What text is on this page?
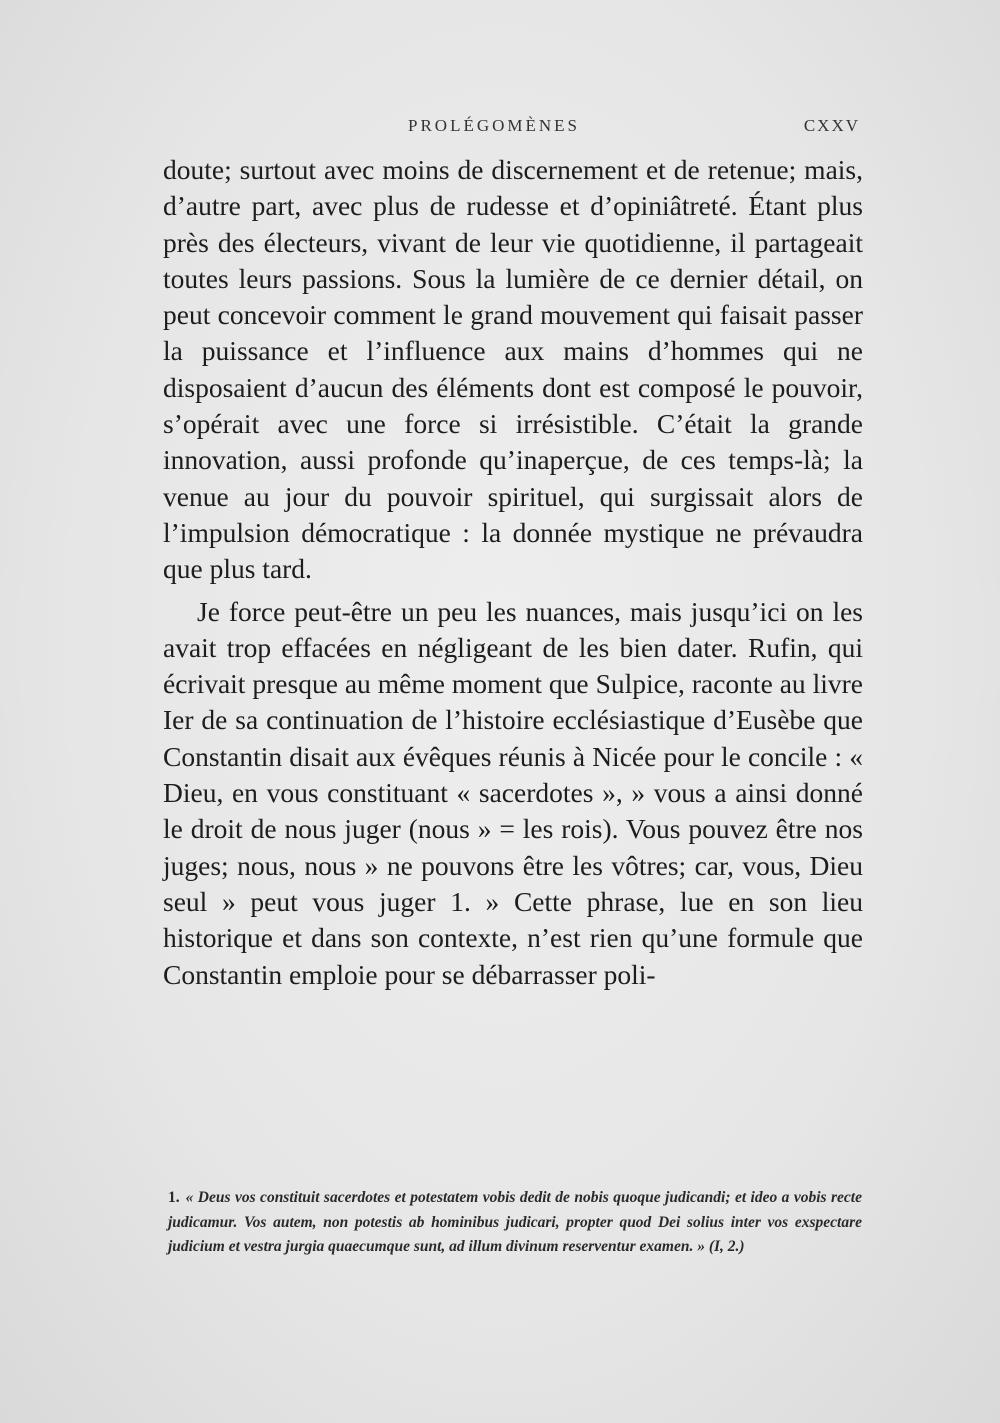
PROLÉGOMÈNES	CXXV

doute; surtout avec moins de discernement et de retenue; mais, d’autre part, avec plus de rudesse et d’opiniâtreté. Étant plus près des électeurs, vivant de leur vie quotidienne, il partageait toutes leurs passions. Sous la lumière de ce dernier détail, on peut concevoir comment le grand mouvement qui faisait passer la puissance et l’influence aux mains d’hommes qui ne disposaient d’aucun des éléments dont est composé le pouvoir, s’opérait avec une force si irrésistible. C’était la grande innovation, aussi profonde qu’inaperçue, de ces temps-là; la venue au jour du pouvoir spirituel, qui surgissait alors de l’impulsion démocratique : la donnée mystique ne prévaudra que plus tard.

Je force peut-être un peu les nuances, mais jusqu’ici on les avait trop effacées en négligeant de les bien dater. Rufin, qui écrivait presque au même moment que Sulpice, raconte au livre Ier de sa continuation de l’histoire ecclésiastique d’Eusèbe que Constantin disait aux évêques réunis à Nicée pour le concile : « Dieu, en vous constituant « sacerdotes », » vous a ainsi donné le droit de nous juger (nous » = les rois). Vous pouvez être nos juges; nous, nous » ne pouvons être les vôtres; car, vous, Dieu seul » peut vous juger 1. » Cette phrase, lue en son lieu historique et dans son contexte, n’est rien qu’une formule que Constantin emploie pour se débarrasser poli-

1. « Deus vos constituit sacerdotes et potestatem vobis dedit de nobis quoque judicandi; et ideo a vobis recte judicamur. Vos autem, non potestis ab hominibus judicari, propter quod Dei solius inter vos exspectare judicium et vestra jurgia quaecumque sunt, ad illum divinum reserventur examen. » (I, 2.)
